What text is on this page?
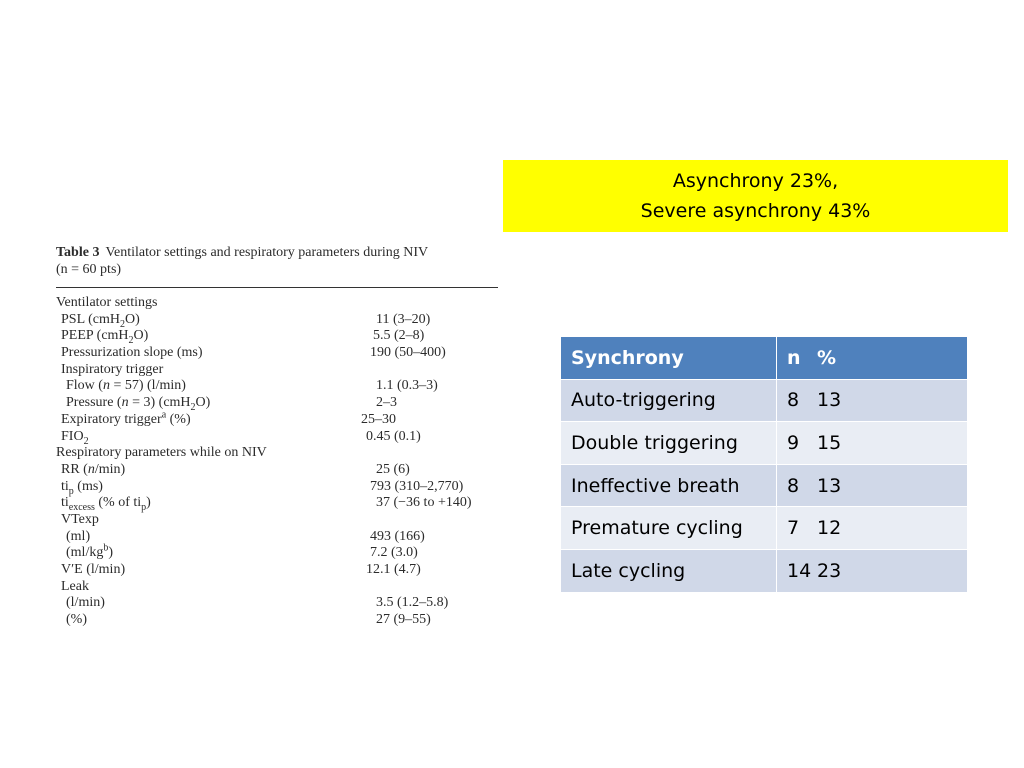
Asynchrony 23%,
Severe asynchrony 43%
Table 3 Ventilator settings and respiratory parameters during NIV
(n = 60 pts)
Ventilator settings
PSL (cmH$_2$O)	11 (3–20)
PEEP (cmH$_2$O)	5.5 (2–8)
Pressurization slope (ms)	190 (50–400)
Inspiratory trigger
Flow (n = 57) (l/min)	1.1 (0.3–3)
Pressure (n = 3) (cmH$_2$O)	2–3
Expiratory trigger$^a$ (%)	25–30
$FIO_2$	0.45 (0.1)
Respiratory parameters while on NIV
RR (n/min)	25 (6)
$ti_p$ (ms)	793 (310–2,770)
$ti_{excess}$ (% of $ti_p$)	37 (−36 to +140)
VTexp
(ml)	493 (166)
$(ml/kg^b)$	7.2 (3.0)
V′E (l/min)	12.1 (4.7)
Leak
(l/min)	3.5 (1.2–5.8)
(%)	27 (9–55)
Synchrony	n %
Auto-triggering	8 13
Double triggering	9 15
Ineffective breath	8 13
Premature cycling	7 12
Late cycling	14 23
